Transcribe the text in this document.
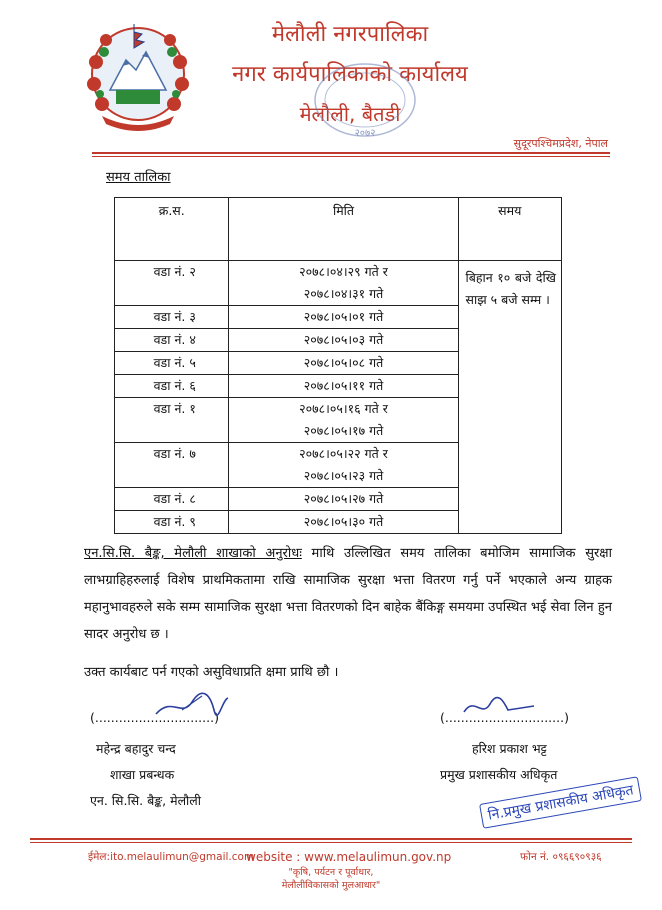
मेलौली नगरपालिका
नगर कार्यपालिकाको कार्यालय
मेलौली, बैतडी
२०७२
सुदूरपश्चिमप्रदेश, नेपाल
समय तालिका
क्र.स.	मिति	समय

वडा नं. २	२०७८।०४।२९ गते र
२०७८।०४।३१ गते	बिहान १० बजे देखि साझ ५ बजे सम्म ।

वडा नं. ३	२०७८।०५।०१ गते	

वडा नं. ४	२०७८।०५।०३ गते	

वडा नं. ५	२०७८।०५।०८ गते	

वडा नं. ६	२०७८।०५।११ गते	

वडा नं. १	२०७८।०५।१६ गते र
२०७८।०५।१७ गते	

वडा नं. ७	२०७८।०५।२२ गते र
२०७८।०५।२३ गते	

वडा नं. ८	२०७८।०५।२७ गते	

वडा नं. ९	२०७८।०५।३० गते	
एन.सि.सि. बैङ्क, मेलौली शाखाको अनुरोधः माथि उल्लिखित समय तालिका बमोजिम सामाजिक सुरक्षा लाभग्राहिहरुलाई विशेष प्राथमिकतामा राखि सामाजिक सुरक्षा भत्ता वितरण गर्नु पर्ने भएकाले अन्य ग्राहक महानुभावहरुले सके सम्म सामाजिक सुरक्षा भत्ता वितरणको दिन बाहेक बैंकिङ्ग समयमा उपस्थित भई सेवा लिन हुन सादर अनुरोध छ ।
उक्त कार्यबाट पर्न गएको असुविधाप्रति क्षमा प्राथि छौ ।
(..............................)
महेन्द्र बहादुर चन्द
शाखा प्रबन्धक
एन. सि.सि. बैङ्क, मेलौली
(..............................)
हरिश प्रकाश भट्ट
प्रमुख प्रशासकीय अधिकृत
नि.प्रमुख प्रशासकीय अधिकृत
ईमेल:ito.melaulimun@gmail.com
website : www.melaulimun.gov.np	फोन नं. ०९६६९०९३६
"कृषि, पर्यटन र पूर्वाधार,
मेलौलीविकासको मुलआधार"
